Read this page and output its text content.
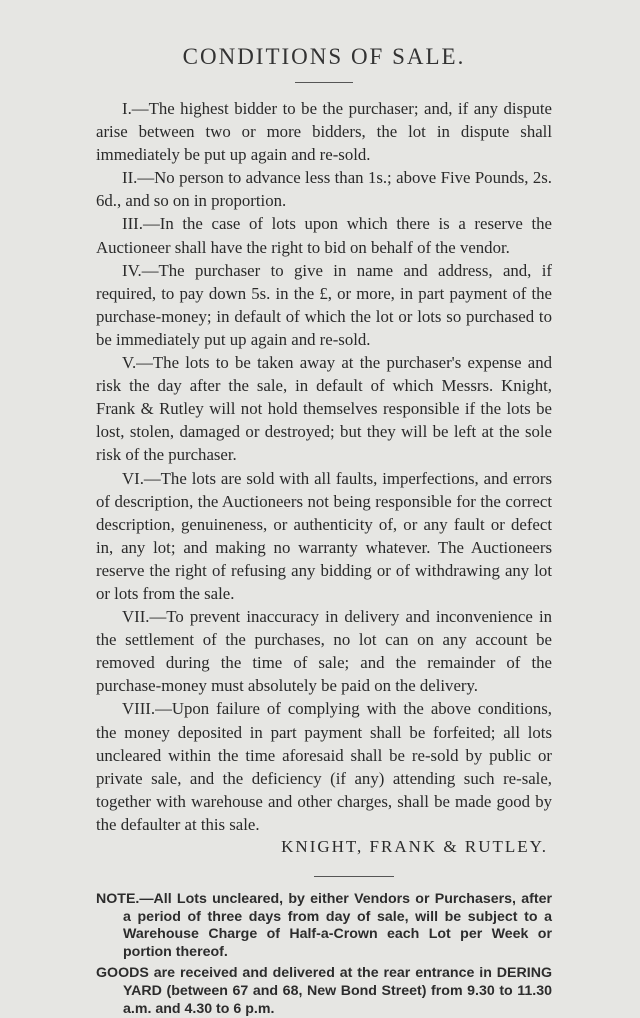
CONDITIONS OF SALE.

I.—The highest bidder to be the purchaser; and, if any dispute arise between two or more bidders, the lot in dispute shall immediately be put up again and re-sold.

II.—No person to advance less than 1s.; above Five Pounds, 2s. 6d., and so on in proportion.

III.—In the case of lots upon which there is a reserve the Auctioneer shall have the right to bid on behalf of the vendor.

IV.—The purchaser to give in name and address, and, if required, to pay down 5s. in the £, or more, in part payment of the purchase-money; in default of which the lot or lots so purchased to be immediately put up again and re-sold.

V.—The lots to be taken away at the purchaser's expense and risk the day after the sale, in default of which Messrs. Knight, Frank & Rutley will not hold themselves responsible if the lots be lost, stolen, damaged or destroyed; but they will be left at the sole risk of the purchaser.

VI.—The lots are sold with all faults, imperfections, and errors of description, the Auctioneers not being responsible for the correct description, genuineness, or authenticity of, or any fault or defect in, any lot; and making no warranty whatever. The Auctioneers reserve the right of refusing any bidding or of withdrawing any lot or lots from the sale.

VII.—To prevent inaccuracy in delivery and inconvenience in the settlement of the purchases, no lot can on any account be removed during the time of sale; and the remainder of the purchase-money must absolutely be paid on the delivery.

VIII.—Upon failure of complying with the above conditions, the money deposited in part payment shall be forfeited; all lots uncleared within the time aforesaid shall be re-sold by public or private sale, and the deficiency (if any) attending such re-sale, together with warehouse and other charges, shall be made good by the defaulter at this sale.

KNIGHT, FRANK & RUTLEY.

NOTE.—All Lots uncleared, by either Vendors or Purchasers, after a period of three days from day of sale, will be subject to a Warehouse Charge of Half-a-Crown each Lot per Week or portion thereof.

GOODS are received and delivered at the rear entrance in DERING YARD (between 67 and 68, New Bond Street) from 9.30 to 11.30 a.m. and 4.30 to 6 p.m.
